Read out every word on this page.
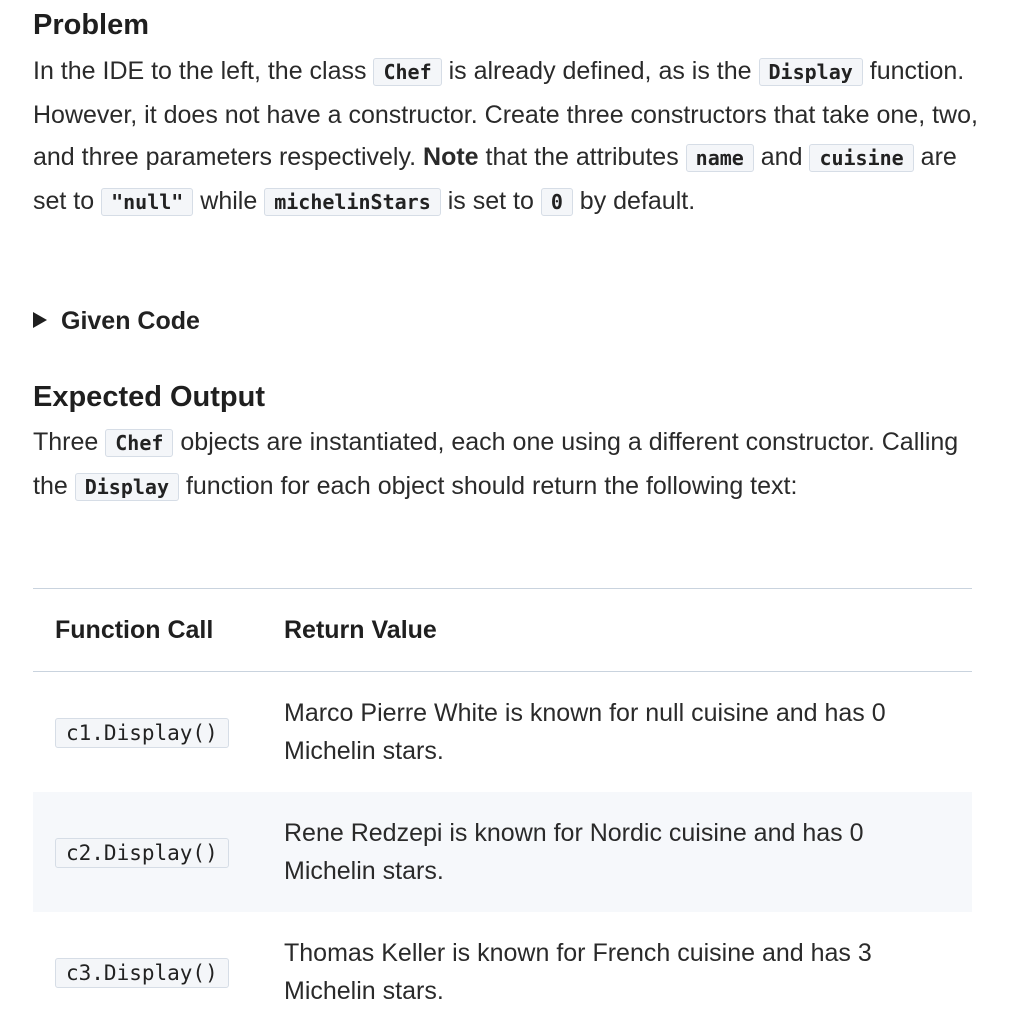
Problem

In the IDE to the left, the class Chef is already defined, as is the Display function. However, it does not have a constructor. Create three constructors that take one, two, and three parameters respectively. Note that the attributes name and cuisine are set to "null" while michelinStars is set to 0 by default.

Given Code
Expected Output

Three Chef objects are instantiated, each one using a different constructor. Calling the Display function for each object should return the following text:

Function Call	Return Value
c1.Display()	Marco Pierre White is known for null cuisine and has 0 Michelin stars.
c2.Display()	Rene Redzepi is known for Nordic cuisine and has 0 Michelin stars.
c3.Display()	Thomas Keller is known for French cuisine and has 3 Michelin stars.
